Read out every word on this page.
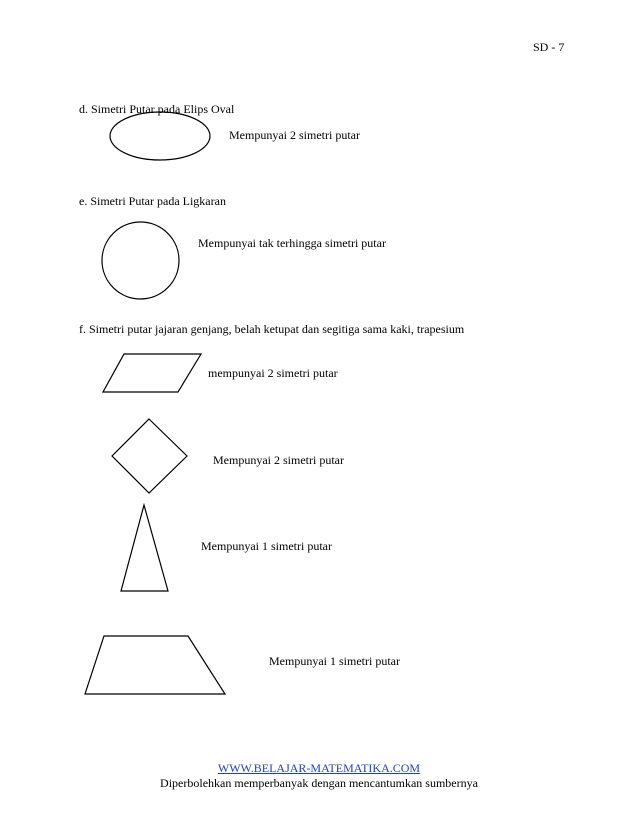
SD - 7
d. Simetri Putar pada Elips Oval
Mempunyai 2 simetri putar
e. Simetri Putar pada Ligkaran
Mempunyai tak terhingga simetri putar
f. Simetri putar jajaran genjang, belah ketupat dan segitiga sama kaki, trapesium
mempunyai 2 simetri putar
Mempunyai 2 simetri putar
Mempunyai 1 simetri putar
Mempunyai 1 simetri putar
WWW.BELAJAR-MATEMATIKA.COM
Diperbolehkan memperbanyak dengan mencantumkan sumbernya
